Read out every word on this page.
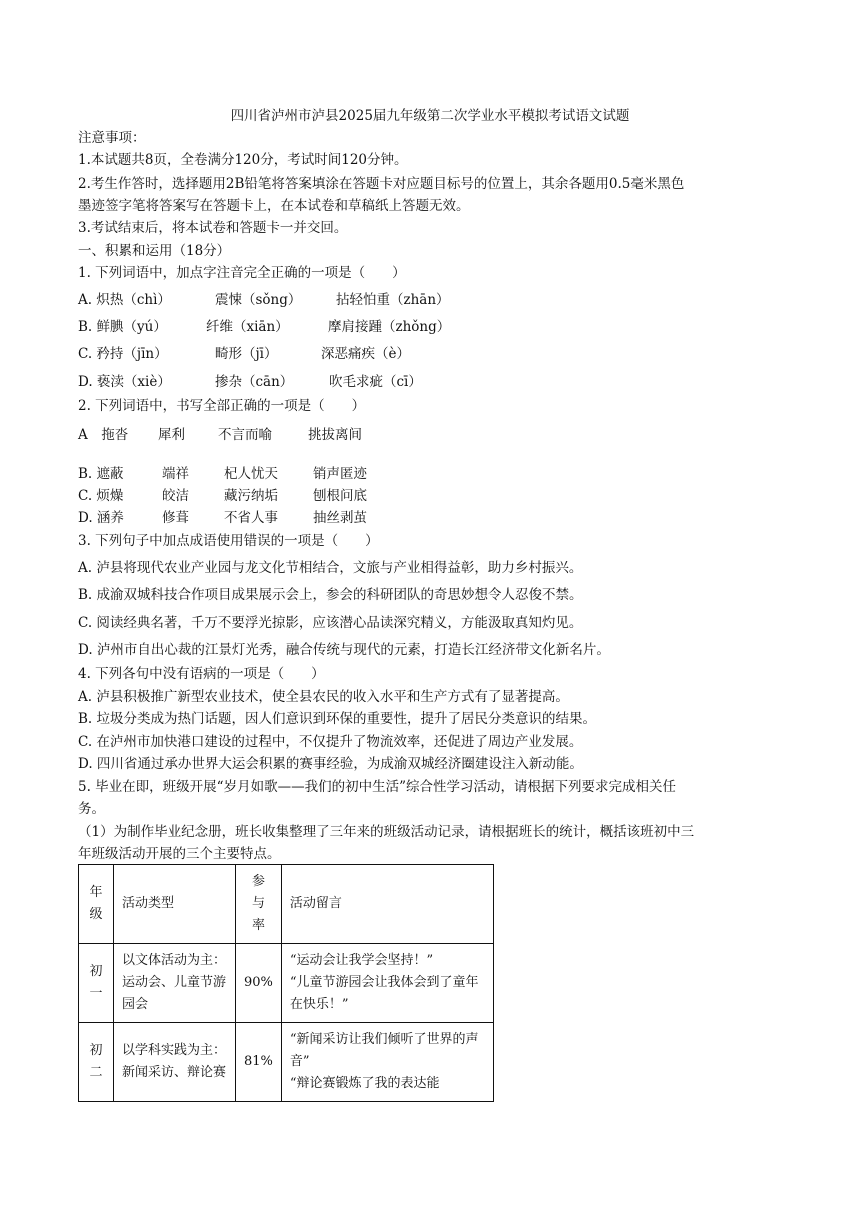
四川省泸州市泸县2025届九年级第二次学业水平模拟考试语文试题
注意事项：
1.本试题共8页，全卷满分120分，考试时间120分钟。
2.考生作答时，选择题用2B铅笔将答案填涂在答题卡对应题目标号的位置上，其余各题用0.5毫米黑色
墨迹签字笔将答案写在答题卡上，在本试卷和草稿纸上答题无效。
3.考试结束后，将本试卷和答题卡一并交回。
一、积累和运用（18分）
1. 下列词语中，加点字注音完全正确的一项是（　　）
A. 炽热（chì）	震悚（sǒng）	拈轻怕重（zhān）
B. 鲜腆（yú）	纤维（xiān）	摩肩接踵（zhǒng）
C. 矜持（jīn）	畸形（jī）	深恶痛疾（è）
D. 亵渎（xiè）	掺杂（cān）	吹毛求疵（cī）
2. 下列词语中，书写全部正确的一项是（　　）
A　拖沓	犀利	不言而喻	挑拔离间
B. 遮蔽	端祥	杞人忧天	销声匿迹
C. 烦燥	皎洁	藏污纳垢	刨根问底
D. 涵养	修葺	不省人事	抽丝剥茧
3. 下列句子中加点成语使用错误的一项是（　　）
A. 泸县将现代农业产业园与龙文化节相结合，文旅与产业相得益彰，助力乡村振兴。
B. 成渝双城科技合作项目成果展示会上，参会的科研团队的奇思妙想令人忍俊不禁。
C. 阅读经典名著，千万不要浮光掠影，应该潜心品读深究精义，方能汲取真知灼见。
D. 泸州市自出心裁的江景灯光秀，融合传统与现代的元素，打造长江经济带文化新名片。
4. 下列各句中没有语病的一项是（　　）
A. 泸县积极推广新型农业技术，使全县农民的收入水平和生产方式有了显著提高。
B. 垃圾分类成为热门话题，因人们意识到环保的重要性，提升了居民分类意识的结果。
C. 在泸州市加快港口建设的过程中，不仅提升了物流效率，还促进了周边产业发展。
D. 四川省通过承办世界大运会积累的赛事经验，为成渝双城经济圈建设注入新动能。
5. 毕业在即，班级开展“岁月如歌——我们的初中生活”综合性学习活动，请根据下列要求完成相关任
务。
（1）为制作毕业纪念册，班长收集整理了三年来的班级活动记录，请根据班长的统计，概括该班初中三
年班级活动开展的三个主要特点。
年级	活动类型	参与率	活动留言
初一	以文体活动为主：运动会、儿童节游园会	90%	“运动会让我学会坚持！”
“儿童节游园会让我体会到了童年在快乐！”

初二	以学科实践为主：新闻采访、辩论赛	81%	“新闻采访让我们倾听了世界的声音”
“辩论赛锻炼了我的表达能
